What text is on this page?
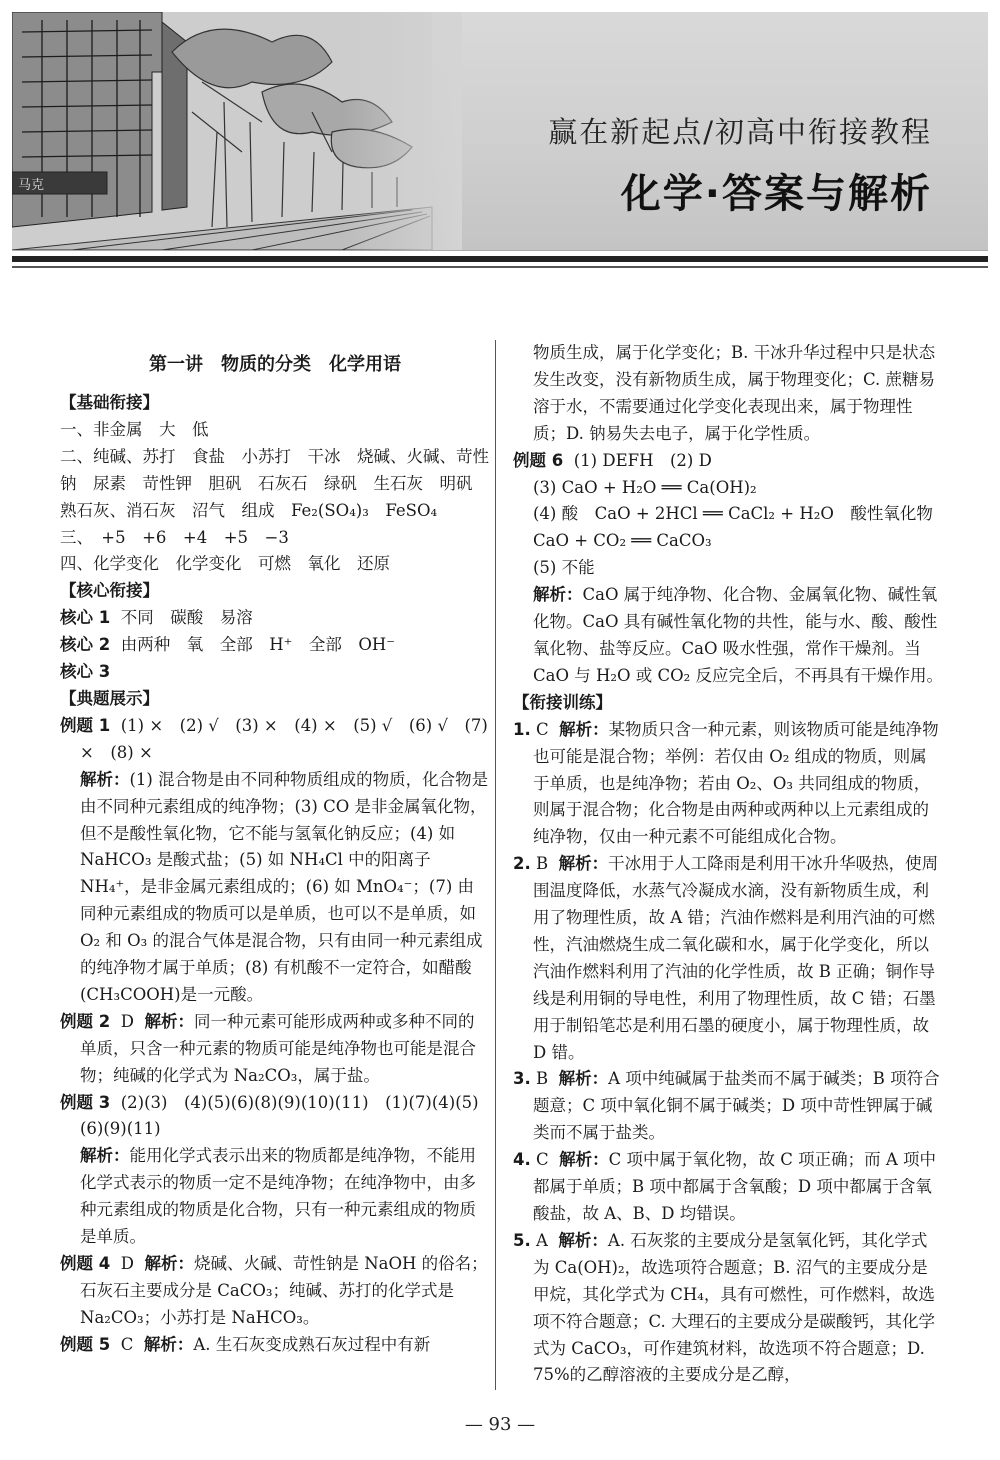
马克
赢在新起点/初高中衔接教程
化学·答案与解析
第一讲　物质的分类　化学用语

【基础衔接】

一、非金属　大　低

二、纯碱、苏打　食盐　小苏打　干冰　烧碱、火碱、苛性钠　尿素　苛性钾　胆矾　石灰石　绿矾　生石灰　明矾　熟石灰、消石灰　沼气　组成　Fe₂(SO₄)₃　FeSO₄

三、　+5　+6　+4　+5　−3

四、化学变化　化学变化　可燃　氧化　还原

【核心衔接】

核心 1 不同　碳酸　易溶

核心 2 由两种　氧　全部　H⁺　全部　OH⁻

核心 3

【典题展示】

例题 1 (1) ×　(2) √　(3) ×　(4) ×　(5) √　(6) √　(7) ×　(8) ×

解析：(1) 混合物是由不同种物质组成的物质，化合物是由不同种元素组成的纯净物；(3) CO 是非金属氧化物，但不是酸性氧化物，它不能与氢氧化钠反应；(4) 如 NaHCO₃ 是酸式盐；(5) 如 NH₄Cl 中的阳离子 NH₄⁺，是非金属元素组成的；(6) 如 MnO₄⁻；(7) 由同种元素组成的物质可以是单质，也可以不是单质，如 O₂ 和 O₃ 的混合气体是混合物，只有由同一种元素组成的纯净物才属于单质；(8) 有机酸不一定符合，如醋酸(CH₃COOH)是一元酸。

例题 2 D 解析：同一种元素可能形成两种或多种不同的单质，只含一种元素的物质可能是纯净物也可能是混合物；纯碱的化学式为 Na₂CO₃，属于盐。

例题 3 (2)(3)　(4)(5)(6)(8)(9)(10)(11)　(1)(7)(4)(5)(6)(9)(11)

解析：能用化学式表示出来的物质都是纯净物，不能用化学式表示的物质一定不是纯净物；在纯净物中，由多种元素组成的物质是化合物，只有一种元素组成的物质是单质。

例题 4 D 解析：烧碱、火碱、苛性钠是 NaOH 的俗名；石灰石主要成分是 CaCO₃；纯碱、苏打的化学式是 Na₂CO₃；小苏打是 NaHCO₃。

例题 5 C 解析：A. 生石灰变成熟石灰过程中有新

物质生成，属于化学变化；B. 干冰升华过程中只是状态发生改变，没有新物质生成，属于物理变化；C. 蔗糖易溶于水，不需要通过化学变化表现出来，属于物理性质；D. 钠易失去电子，属于化学性质。

例题 6 (1) DEFH　(2) D

(3) CaO + H₂O ══ Ca(OH)₂

(4) 酸　CaO + 2HCl ══ CaCl₂ + H₂O　酸性氧化物　CaO + CO₂ ══ CaCO₃

(5) 不能

解析：CaO 属于纯净物、化合物、金属氧化物、碱性氧化物。CaO 具有碱性氧化物的共性，能与水、酸、酸性氧化物、盐等反应。CaO 吸水性强，常作干燥剂。当 CaO 与 H₂O 或 CO₂ 反应完全后，不再具有干燥作用。

【衔接训练】

1. C 解析：某物质只含一种元素，则该物质可能是纯净物也可能是混合物；举例：若仅由 O₂ 组成的物质，则属于单质，也是纯净物；若由 O₂、O₃ 共同组成的物质，则属于混合物；化合物是由两种或两种以上元素组成的纯净物，仅由一种元素不可能组成化合物。

2. B 解析：干冰用于人工降雨是利用干冰升华吸热，使周围温度降低，水蒸气冷凝成水滴，没有新物质生成，利用了物理性质，故 A 错；汽油作燃料是利用汽油的可燃性，汽油燃烧生成二氧化碳和水，属于化学变化，所以汽油作燃料利用了汽油的化学性质，故 B 正确；铜作导线是利用铜的导电性，利用了物理性质，故 C 错；石墨用于制铅笔芯是利用石墨的硬度小，属于物理性质，故 D 错。

3. B 解析：A 项中纯碱属于盐类而不属于碱类；B 项符合题意；C 项中氧化铜不属于碱类；D 项中苛性钾属于碱类而不属于盐类。

4. C 解析：C 项中属于氧化物，故 C 项正确；而 A 项中都属于单质；B 项中都属于含氧酸；D 项中都属于含氧酸盐，故 A、B、D 均错误。

5. A 解析：A. 石灰浆的主要成分是氢氧化钙，其化学式为 Ca(OH)₂，故选项符合题意；B. 沼气的主要成分是甲烷，其化学式为 CH₄，具有可燃性，可作燃料，故选项不符合题意；C. 大理石的主要成分是碳酸钙，其化学式为 CaCO₃，可作建筑材料，故选项不符合题意；D. 75%的乙醇溶液的主要成分是乙醇，

— 93 —
